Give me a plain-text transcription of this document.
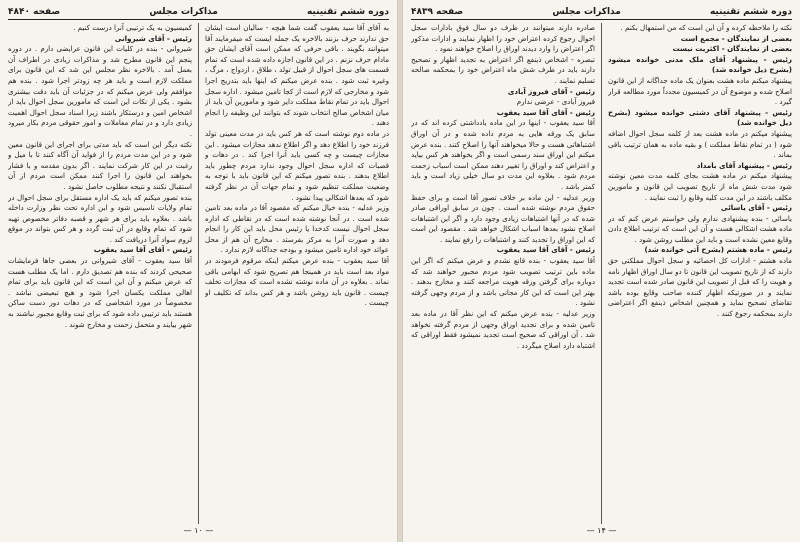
دوره ششم تقنینیه
مذاکرات مجلس
صفحه ۴۸۴۰

به آقای آقا سید یعقوب گفت شما هیچه - سالیان است ایشان حق ندارند حرف بزنند بالاخره یک جمله ایست که میفرمایند آقا میتوانند بگویند . باقی حرفی که ممکن است آقای ایشان حق مادام حرف نزنم . در این قانون اجازه داده شده است که تمام قسمت های سجل احوال از قبیل تولد ، طلاق ، ازدواج ، مرگ ، وغیره ثبت شود . بنده عرض میکنم که اینها باید بتدریج اجرا شود و مخارجی که لازم است از کجا تامین میشود . اداره سجل احوال باید در تمام نقاط مملکت دایر شود و مامورین آن باید از میان اشخاص صالح انتخاب شوند که بتوانند این وظیفه را انجام دهند .

در ماده دوم نوشته است که هر کس باید در مدت معینی تولد فرزند خود را اطلاع دهد و اگر اطلاع ندهد مجازات میشود . این مجازات چیست و چه کسی باید آنرا اجرا کند . در دهات و قصبات که اداره سجل احوال وجود ندارد مردم چطور باید اطلاع بدهند . بنده تصور میکنم که این قانون باید با توجه به وضعیت مملکت تنظیم شود و تمام جهات آن در نظر گرفته شود که بعدها اشکالی پیدا نشود .

وزیر عدلیه - بنده خیال میکنم که مقصود آقا در ماده بعد تامین شده است . در آنجا نوشته شده است که در نقاطی که اداره سجل احوال نیست کدخدا یا رئیس محل باید این کار را انجام دهد و صورت آنرا به مرکز بفرستد . مخارج آن هم از محل عوائد خود اداره تامین میشود و بودجه جداگانه لازم ندارد .

آقا سید یعقوب - بنده عرض میکنم اینکه مرقوم فرمودند در مواد بعد است باید در همینجا هم تصریح شود که ابهامی باقی نماند . بعلاوه در آن ماده نوشته نشده است که مجازات تخلف چیست . قانون باید روشن باشد و هر کس بداند که تکلیف او چیست .

کمیسیون به یک ترتیبی آنرا درست کنیم .

رئیس - آقای شیروانی

شیروانی - بنده در کلیات این قانون عرایضی دارم . در دوره پنجم این قانون مطرح شد و مذاکرات زیادی در اطراف آن بعمل آمد . بالاخره نظر مجلس این شد که این قانون برای مملکت لازم است و باید هر چه زودتر اجرا شود . بنده هم موافقم ولی عرض میکنم که در جزئیات آن باید دقت بیشتری بشود . یکی از نکات این است که مامورین سجل احوال باید از اشخاص امین و درستکار باشند زیرا اسناد سجل احوال اهمیت زیادی دارد و در تمام معاملات و امور حقوقی مردم بکار میرود .

نکته دیگر این است که باید مدتی برای اجرای این قانون معین شود و در این مدت مردم را از فواید آن آگاه کنند تا با میل و رغبت در این کار شرکت نمایند . اگر بدون مقدمه و با فشار بخواهند این قانون را اجرا کنند ممکن است مردم از آن استقبال نکنند و نتیجه مطلوب حاصل نشود .

بنده تصور میکنم که باید یک اداره مستقل برای سجل احوال در تمام ولایات تاسیس شود و این اداره تحت نظر وزارت داخله باشد . بعلاوه باید برای هر شهر و قصبه دفاتر مخصوص تهیه شود که تمام وقایع در آن ثبت گردد و هر کس بتواند در موقع لزوم سواد آنرا دریافت کند .

رئیس - آقای آقا سید یعقوب

آقا سید یعقوب - آقای شیروانی در بعضی جاها فرمایشات صحیحی کردند که بنده هم تصدیق دارم . اما یک مطلب هست که عرض میکنم و آن این است که این قانون باید برای تمام اهالی مملکت یکسان اجرا شود و هیچ تبعیضی نباشد . مخصوصاً در مورد اشخاصی که در دهات دور دست ساکن هستند باید ترتیبی داده شود که برای ثبت وقایع مجبور نباشند به شهر بیایند و متحمل زحمت و مخارج شوند .

— ۱۰ —
دوره ششم تقنینیه
مذاکرات مجلس
صفحه ۴۸۳۹

نکته را ملاحظه کرده و آن این است که من استمهال بکنم .

بعضی از نمایندگان - مجمع است

بعضی از نمایندگان - اکثریت نیست

رئیس - پیشنهاد آقای ملک مدنی خوانده میشود (بشرح ذیل خوانده شد)

پیشنهاد میکنم ماده هشت بعنوان یک ماده جداگانه از این قانون اصلاح شده و موضوع آن در کمیسیون مجدداً مورد مطالعه قرار گیرد .

رئیس - پیشنهاد آقای دشتی خوانده میشود (بشرح ذیل خوانده شد)

پیشنهاد میکنم در ماده هشت بعد از کلمه سجل احوال اضافه شود ( در تمام نقاط مملکت ) و بقیه ماده به همان ترتیب باقی بماند .

رئیس - پیشنهاد آقای بامداد

پیشنهاد میکنم در ماده هشت بجای کلمه مدت معین نوشته شود مدت شش ماه از تاریخ تصویب این قانون و مامورین مکلف باشند در این مدت کلیه وقایع را ثبت نمایند .

رئیس - آقای یاسائی

یاسائی - بنده پیشنهادی ندارم ولی خواستم عرض کنم که در ماده هشت اشکالی هست و آن این است که ترتیب اطلاع دادن وقایع معین نشده است و باید این مطلب روشن شود .

رئیس - ماده هشتم (بشرح آتی خوانده شد)

ماده هشتم - ادارات کل احصائیه و سجل احوال مملکتی حق دارند که از تاریخ تصویب این قانون تا دو سال اوراق اظهار نامه و هویت را که قبل از تصویب این قانون صادر شده است تجدید نمایند و در صورتیکه اظهار کننده صاحب وقایع بوده باشد تقاضای تصحیح نماید و همچنین اشخاص ذینفع اگر اعتراضی دارند بمحکمه رجوع کنند .

صادره دارند میتوانند در ظرف دو سال فوق بادارات سجل احوال رجوع کرده اعتراض خود را اظهار نمایند و ادارات مذکور اگر اعتراض را وارد دیدند اوراق را اصلاح خواهند نمود .

تبصره - اشخاص ذینفع اگر اعتراض به تجدید اظهار و تصحیح دارند باید در ظرف شش ماه اعتراض خود را بمحکمه صالحه تسلیم نمایند .

رئیس - آقای فیروز آبادی

فیروز آبادی - عرضی ندارم

رئیس - آقای آقا سید یعقوب

آقا سید یعقوب - اینها در این ماده یادداشتی کرده اند که در سابق یک ورقه هایی به مردم داده شده و در آن اوراق اشتباهاتی هست و حالا میخواهند آنها را اصلاح کنند . بنده عرض میکنم این اوراق سند رسمی است و اگر بخواهند هر کس بیاید و اعتراض کند و اوراق را تغییر دهند ممکن است اسباب زحمت مردم شود . بعلاوه این مدت دو سال خیلی زیاد است و باید کمتر باشد .

وزیر عدلیه - این ماده بر خلاف تصور آقا است و برای حفظ حقوق مردم نوشته شده است . چون در سابق اوراقی صادر شده که در آنها اشتباهات زیادی وجود دارد و اگر این اشتباهات اصلاح نشود بعدها اسباب اشکال خواهد شد . مقصود این است که این اوراق را تجدید کنند و اشتباهات را رفع نمایند .

رئیس - آقای آقا سید یعقوب

آقا سید یعقوب - بنده قانع نشدم و عرض میکنم که اگر این ماده باین ترتیب تصویب شود مردم مجبور خواهند شد که دوباره برای گرفتن ورقه هویت مراجعه کنند و مخارج بدهند . بهتر این است که این کار مجانی باشد و از مردم وجهی گرفته نشود .

وزیر عدلیه - بنده عرض میکنم که این نظر آقا در ماده بعد تامین شده و برای تجدید اوراق وجهی از مردم گرفته نخواهد شد . آن اوراقی که صحیح است تجدید نمیشود فقط اوراقی که اشتباه دارد اصلاح میگردد .

— ۱۴ —
